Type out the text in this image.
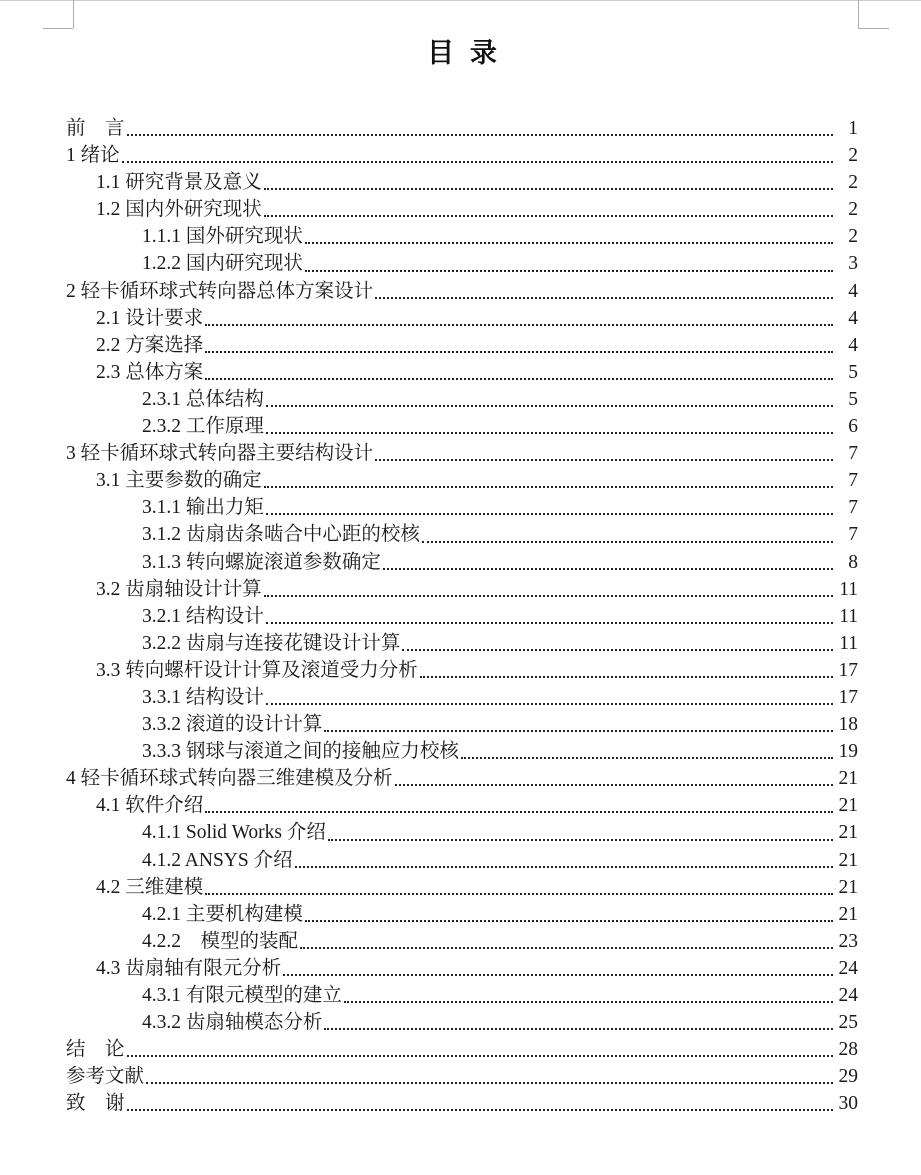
目 录
前　言	1
1 绪论	2
1.1 研究背景及意义	2
1.2 国内外研究现状	2
1.1.1 国外研究现状	2
1.2.2 国内研究现状	3
2 轻卡循环球式转向器总体方案设计	4
2.1 设计要求	4
2.2 方案选择	4
2.3 总体方案	5
2.3.1 总体结构	5
2.3.2 工作原理	6
3 轻卡循环球式转向器主要结构设计	7
3.1 主要参数的确定	7
3.1.1 输出力矩	7
3.1.2 齿扇齿条啮合中心距的校核	7
3.1.3 转向螺旋滚道参数确定	8
3.2 齿扇轴设计计算	11
3.2.1 结构设计	11
3.2.2 齿扇与连接花键设计计算	11
3.3 转向螺杆设计计算及滚道受力分析	17
3.3.1 结构设计	17
3.3.2 滚道的设计计算	18
3.3.3 钢球与滚道之间的接触应力校核	19
4 轻卡循环球式转向器三维建模及分析	21
4.1 软件介绍	21
4.1.1 Solid Works 介绍	21
4.1.2 ANSYS 介绍	21
4.2 三维建模	21
4.2.1 主要机构建模	21
4.2.2　模型的装配	23
4.3 齿扇轴有限元分析	24
4.3.1 有限元模型的建立	24
4.3.2 齿扇轴模态分析	25
结　论	28
参考文献	29
致　谢	30
